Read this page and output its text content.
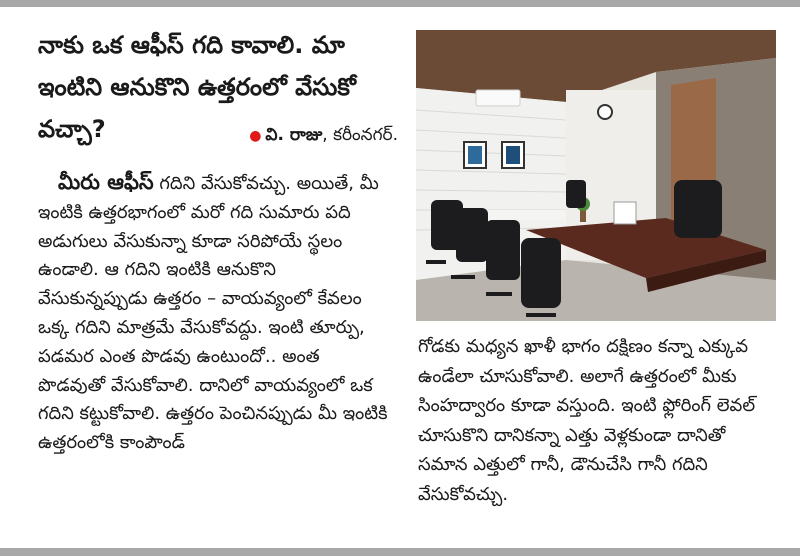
నాకు ఒక ఆఫీస్ గది కావాలి. మా ఇంటిని ఆనుకొని ఉత్తరంలో వేసుకో వచ్చా?	● వి. రాజు, కరీంనగర్.

మీరు ఆఫీస్ గదిని వేసుకోవచ్చు. అయితే, మీ ఇంటికి ఉత్తరభాగంలో మరో గది సుమారు పది అడుగులు వేసుకున్నా కూడా సరిపోయే స్థలం ఉండాలి. ఆ గదిని ఇంటికి ఆనుకొని వేసుకున్నప్పుడు ఉత్తరం – వాయవ్యంలో కేవలం ఒక్క గదిని మాత్రమే వేసుకోవద్దు. ఇంటి తూర్పు, పడమర ఎంత పొడవు ఉంటుందో.. అంత పొడవుతో వేసుకోవాలి. దానిలో వాయవ్యంలో ఒక గదిని కట్టుకోవాలి. ఉత్తరం పెంచినప్పుడు మీ ఇంటికి ఉత్తరంలోకి కాంపౌండ్

గోడకు మధ్యన ఖాళీ భాగం దక్షిణం కన్నా ఎక్కువ ఉండేలా చూసుకోవాలి. అలాగే ఉత్తరంలో మీకు సింహద్వారం కూడా వస్తుంది. ఇంటి ఫ్లోరింగ్ లెవల్ చూసుకొని దానికన్నా ఎత్తు వెళ్లకుండా దానితో సమాన ఎత్తులో గానీ, డౌనుచేసి గానీ గదిని వేసుకోవచ్చు.
